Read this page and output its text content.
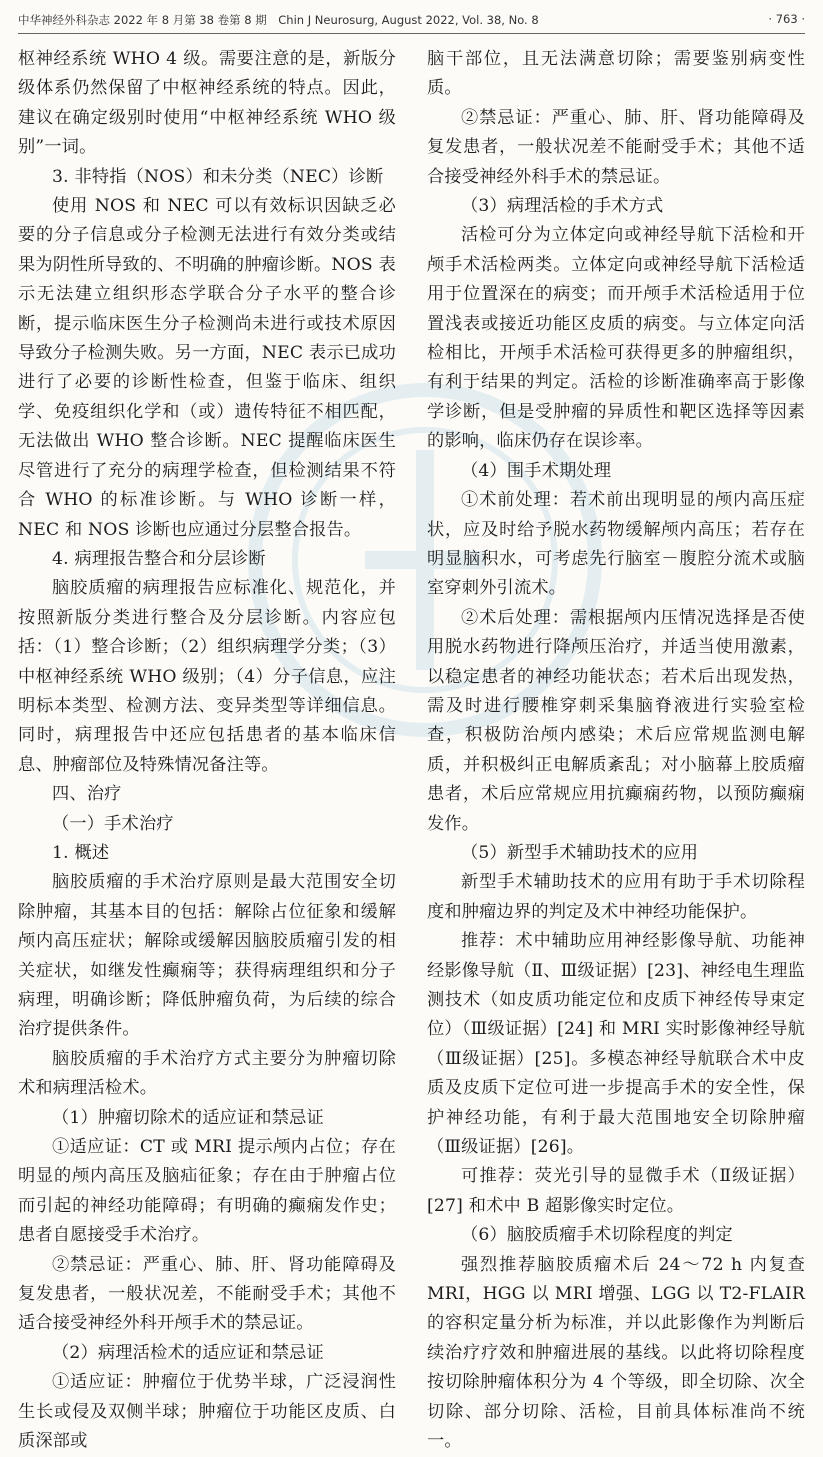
中华神经外科杂志 2022 年 8 月第 38 卷第 8 期　Chin J Neurosurg, August 2022, Vol. 38, No. 8	· 763 ·

枢神经系统 WHO 4 级。需要注意的是，新版分级体系仍然保留了中枢神经系统的特点。因此，建议在确定级别时使用“中枢神经系统 WHO 级别”一词。

3. 非特指（NOS）和未分类（NEC）诊断

使用 NOS 和 NEC 可以有效标识因缺乏必要的分子信息或分子检测无法进行有效分类或结果为阴性所导致的、不明确的肿瘤诊断。NOS 表示无法建立组织形态学联合分子水平的整合诊断，提示临床医生分子检测尚未进行或技术原因导致分子检测失败。另一方面，NEC 表示已成功进行了必要的诊断性检查，但鉴于临床、组织学、免疫组织化学和（或）遗传特征不相匹配，无法做出 WHO 整合诊断。NEC 提醒临床医生尽管进行了充分的病理学检查，但检测结果不符合 WHO 的标准诊断。与 WHO 诊断一样，NEC 和 NOS 诊断也应通过分层整合报告。

4. 病理报告整合和分层诊断

脑胶质瘤的病理报告应标准化、规范化，并按照新版分类进行整合及分层诊断。内容应包括：（1）整合诊断；（2）组织病理学分类；（3）中枢神经系统 WHO 级别；（4）分子信息，应注明标本类型、检测方法、变异类型等详细信息。同时，病理报告中还应包括患者的基本临床信息、肿瘤部位及特殊情况备注等。

四、治疗

（一）手术治疗

1. 概述

脑胶质瘤的手术治疗原则是最大范围安全切除肿瘤，其基本目的包括：解除占位征象和缓解颅内高压症状；解除或缓解因脑胶质瘤引发的相关症状，如继发性癫痫等；获得病理组织和分子病理，明确诊断；降低肿瘤负荷，为后续的综合治疗提供条件。

脑胶质瘤的手术治疗方式主要分为肿瘤切除术和病理活检术。

（1）肿瘤切除术的适应证和禁忌证

①适应证：CT 或 MRI 提示颅内占位；存在明显的颅内高压及脑疝征象；存在由于肿瘤占位而引起的神经功能障碍；有明确的癫痫发作史；患者自愿接受手术治疗。

②禁忌证：严重心、肺、肝、肾功能障碍及复发患者，一般状况差，不能耐受手术；其他不适合接受神经外科开颅手术的禁忌证。

（2）病理活检术的适应证和禁忌证

①适应证：肿瘤位于优势半球，广泛浸润性生长或侵及双侧半球；肿瘤位于功能区皮质、白质深部或

脑干部位，且无法满意切除；需要鉴别病变性质。

②禁忌证：严重心、肺、肝、肾功能障碍及复发患者，一般状况差不能耐受手术；其他不适合接受神经外科手术的禁忌证。

（3）病理活检的手术方式

活检可分为立体定向或神经导航下活检和开颅手术活检两类。立体定向或神经导航下活检适用于位置深在的病变；而开颅手术活检适用于位置浅表或接近功能区皮质的病变。与立体定向活检相比，开颅手术活检可获得更多的肿瘤组织，有利于结果的判定。活检的诊断准确率高于影像学诊断，但是受肿瘤的异质性和靶区选择等因素的影响，临床仍存在误诊率。

（4）围手术期处理

①术前处理：若术前出现明显的颅内高压症状，应及时给予脱水药物缓解颅内高压；若存在明显脑积水，可考虑先行脑室－腹腔分流术或脑室穿刺外引流术。

②术后处理：需根据颅内压情况选择是否使用脱水药物进行降颅压治疗，并适当使用激素，以稳定患者的神经功能状态；若术后出现发热，需及时进行腰椎穿刺采集脑脊液进行实验室检查，积极防治颅内感染；术后应常规监测电解质，并积极纠正电解质紊乱；对小脑幕上胶质瘤患者，术后应常规应用抗癫痫药物，以预防癫痫发作。

（5）新型手术辅助技术的应用

新型手术辅助技术的应用有助于手术切除程度和肿瘤边界的判定及术中神经功能保护。

推荐：术中辅助应用神经影像导航、功能神经影像导航（Ⅱ、Ⅲ级证据）[23]、神经电生理监测技术（如皮质功能定位和皮质下神经传导束定位）（Ⅲ级证据）[24] 和 MRI 实时影像神经导航（Ⅲ级证据）[25]。多模态神经导航联合术中皮质及皮质下定位可进一步提高手术的安全性，保护神经功能，有利于最大范围地安全切除肿瘤（Ⅲ级证据）[26]。

可推荐：荧光引导的显微手术（Ⅱ级证据）[27] 和术中 B 超影像实时定位。

（6）脑胶质瘤手术切除程度的判定

强烈推荐脑胶质瘤术后 24～72 h 内复查 MRI，HGG 以 MRI 增强、LGG 以 T2-FLAIR 的容积定量分析为标准，并以此影像作为判断后续治疗疗效和肿瘤进展的基线。以此将切除程度按切除肿瘤体积分为 4 个等级，即全切除、次全切除、部分切除、活检，目前具体标准尚不统一。
